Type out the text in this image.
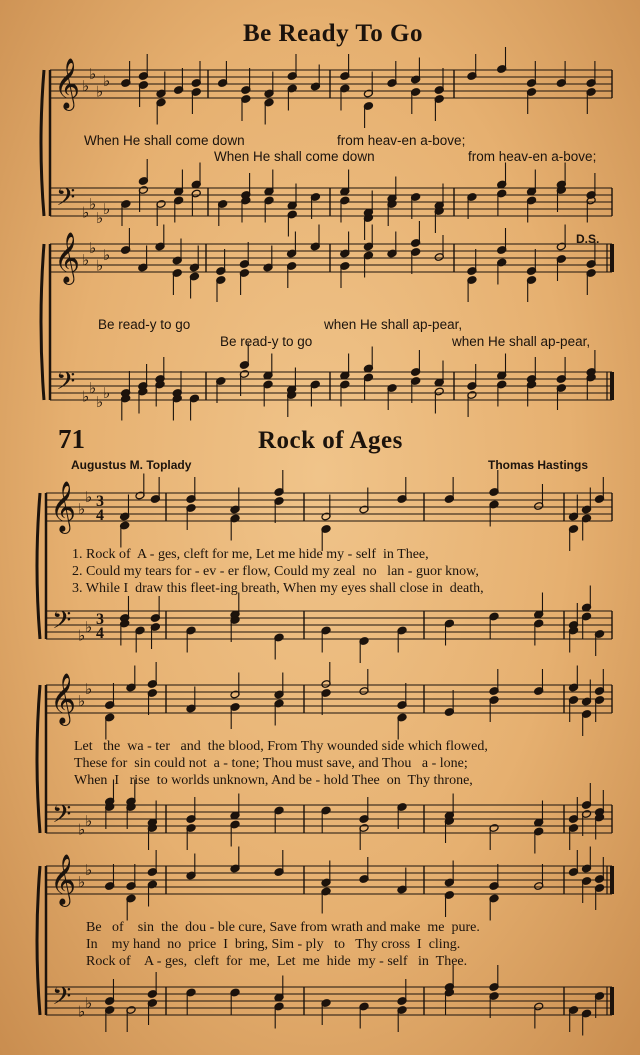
Be Ready To Go
D.S.
71	Rock of Ages
Augustus M. Toplady	Thomas Hastings
When He shall come down	from heav-en a-bove;
When He shall come down	from heav-en a-bove;
Be read-y to go	when He shall ap-pear,
Be read-y to go	when He shall ap-pear,
1. Rock of  A - ges, cleft for me, Let me hide my - self  in Thee,
2. Could my tears for - ev - er flow, Could my zeal  no   lan - guor know,
3. While I  draw this fleet-ing breath, When my eyes shall close in  death,
Let   the  wa - ter   and  the blood, From Thy wounded side which flowed,
These for  sin could not  a - tone; Thou must save, and Thou   a - lone;
When  I   rise  to worlds unknown, And be - hold Thee  on  Thy throne,
Be   of    sin  the  dou - ble cure, Save from wrath and make  me  pure.
In    my hand  no  price  I  bring, Sim - ply   to   Thy cross  I  cling.
Rock of    A - ges,  cleft  for  me,  Let  me  hide  my - self   in  Thee.
𝄞
𝄢
♭
♭
♭
♭
♭ ♭
♭ ♭
𝄞
𝄢
♭
♭
♭
♭
♭ ♭
♭ ♭
𝄞
𝄢
♭
♭
♭ ♭
3
4
3
4
𝄞
𝄢
♭
♭
♭ ♭
𝄞
𝄢
♭
♭
♭ ♭
